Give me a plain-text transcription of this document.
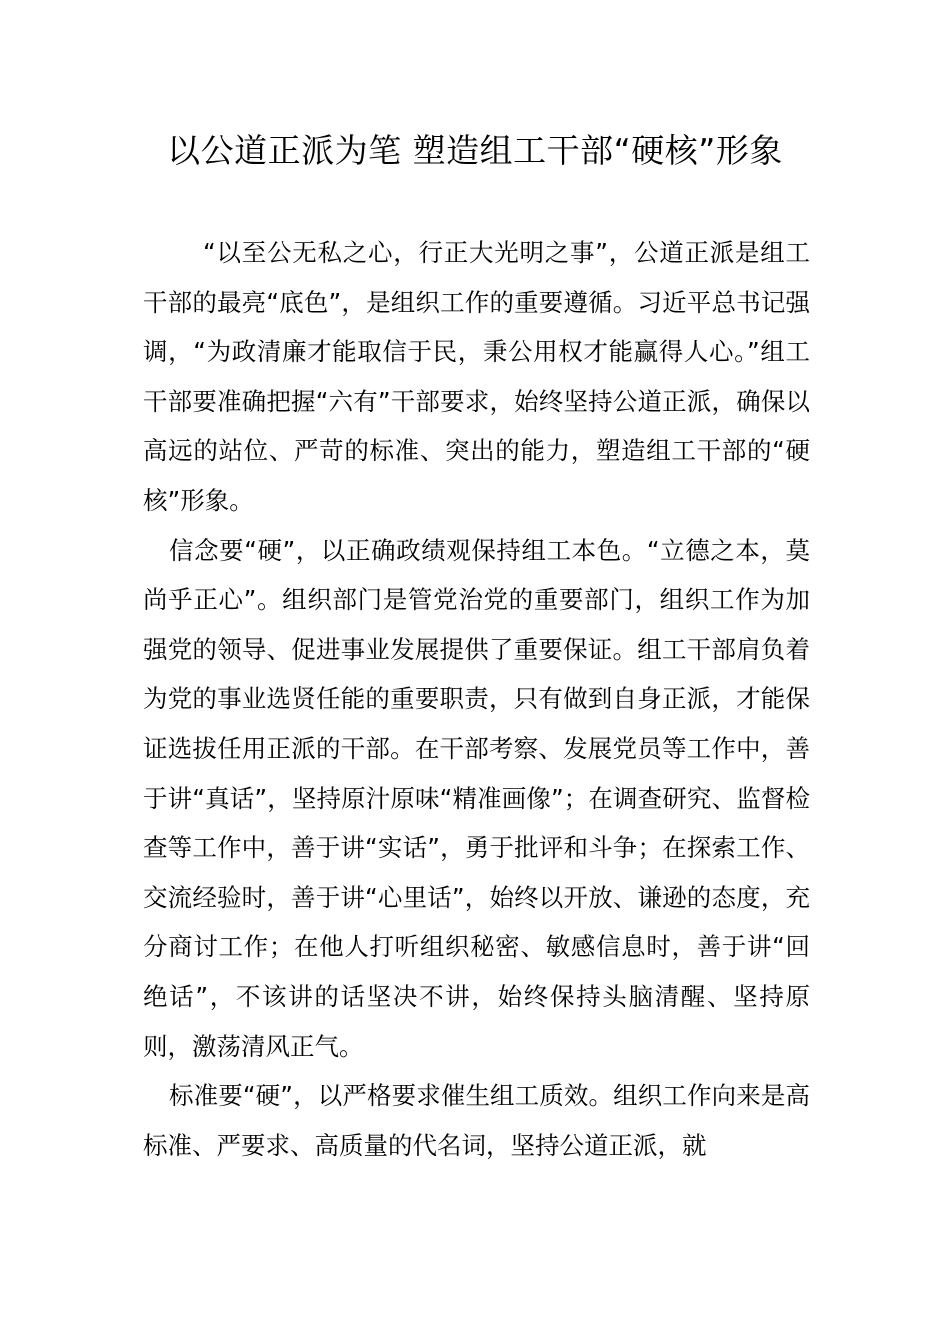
以公道正派为笔 塑造组工干部“硬核”形象

“以至公无私之心，行正大光明之事”，公道正派是组工干部的最亮“底色”，是组织工作的重要遵循。习近平总书记强调，“为政清廉才能取信于民，秉公用权才能赢得人心。”组工干部要准确把握“六有”干部要求，始终坚持公道正派，确保以高远的站位、严苛的标准、突出的能力，塑造组工干部的“硬核”形象。

信念要“硬”，以正确政绩观保持组工本色。“立德之本，莫尚乎正心”。组织部门是管党治党的重要部门，组织工作为加强党的领导、促进事业发展提供了重要保证。组工干部肩负着为党的事业选贤任能的重要职责，只有做到自身正派，才能保证选拔任用正派的干部。在干部考察、发展党员等工作中，善于讲“真话”，坚持原汁原味“精准画像”；在调查研究、监督检查等工作中，善于讲“实话”，勇于批评和斗争；在探索工作、交流经验时，善于讲“心里话”，始终以开放、谦逊的态度，充分商讨工作；在他人打听组织秘密、敏感信息时，善于讲“回绝话”，不该讲的话坚决不讲，始终保持头脑清醒、坚持原则，激荡清风正气。

标准要“硬”，以严格要求催生组工质效。组织工作向来是高标准、严要求、高质量的代名词，坚持公道正派，就
